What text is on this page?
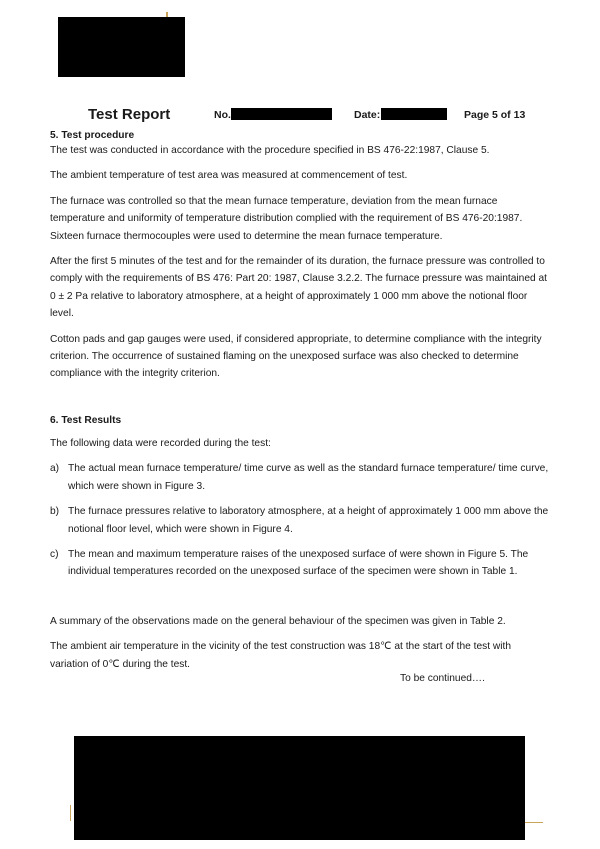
Test Report	No.	Date:	Page 5 of 13

5. Test procedure

The test was conducted in accordance with the procedure specified in BS 476-22:1987, Clause 5.

The ambient temperature of test area was measured at commencement of test.

The furnace was controlled so that the mean furnace temperature, deviation from the mean furnace temperature and uniformity of temperature distribution complied with the requirement of BS 476-20:1987. Sixteen furnace thermocouples were used to determine the mean furnace temperature.

After the first 5 minutes of the test and for the remainder of its duration, the furnace pressure was controlled to comply with the requirements of BS 476: Part 20: 1987, Clause 3.2.2. The furnace pressure was maintained at 0 ± 2 Pa relative to laboratory atmosphere, at a height of approximately 1 000 mm above the notional floor level.

Cotton pads and gap gauges were used, if considered appropriate, to determine compliance with the integrity criterion. The occurrence of sustained flaming on the unexposed surface was also checked to determine compliance with the integrity criterion.

6. Test Results

The following data were recorded during the test:

a) The actual mean furnace temperature/ time curve as well as the standard furnace temperature/ time curve, which were shown in Figure 3.
b) The furnace pressures relative to laboratory atmosphere, at a height of approximately 1 000 mm above the notional floor level, which were shown in Figure 4.
c) The mean and maximum temperature raises of the unexposed surface of were shown in Figure 5. The individual temperatures recorded on the unexposed surface of the specimen were shown in Table 1.

A summary of the observations made on the general behaviour of the specimen was given in Table 2.

The ambient air temperature in the vicinity of the test construction was 18℃ at the start of the test with variation of 0℃ during the test.

To be continued….
